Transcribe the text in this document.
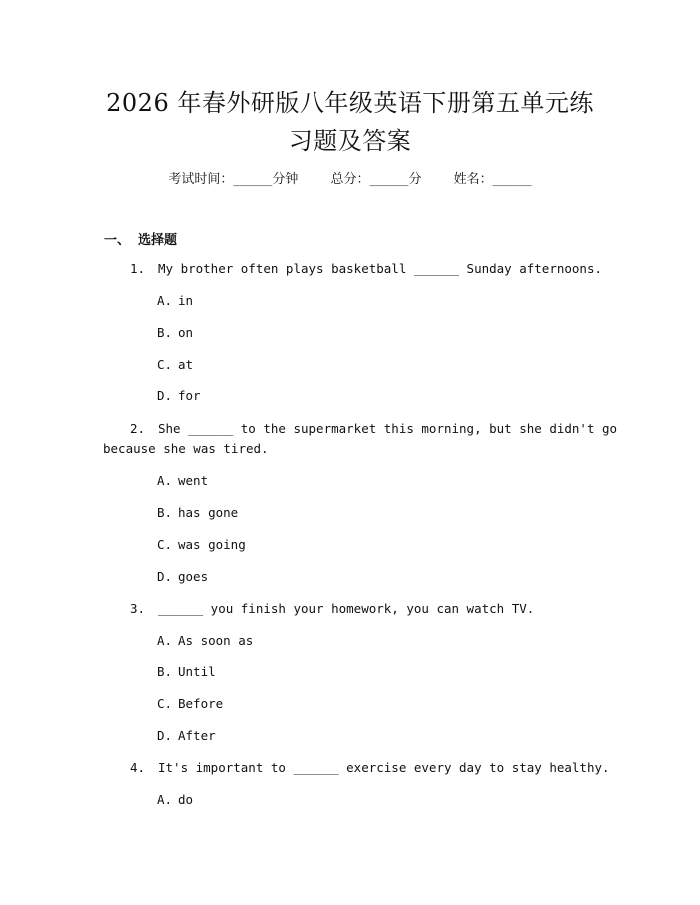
2026 年春外研版八年级英语下册第五单元练
习题及答案
考试时间：______分钟 总分：______分 姓名：______
一、 选择题
1. My brother often plays basketball ______ Sunday afternoons.
A. in
B. on
C. at
D. for
2. She ______ to the supermarket this morning, but she didn't go
because she was tired.
A. went
B. has gone
C. was going
D. goes
3. ______ you finish your homework, you can watch TV.
A. As soon as
B. Until
C. Before
D. After
4. It's important to ______ exercise every day to stay healthy.
A. do
